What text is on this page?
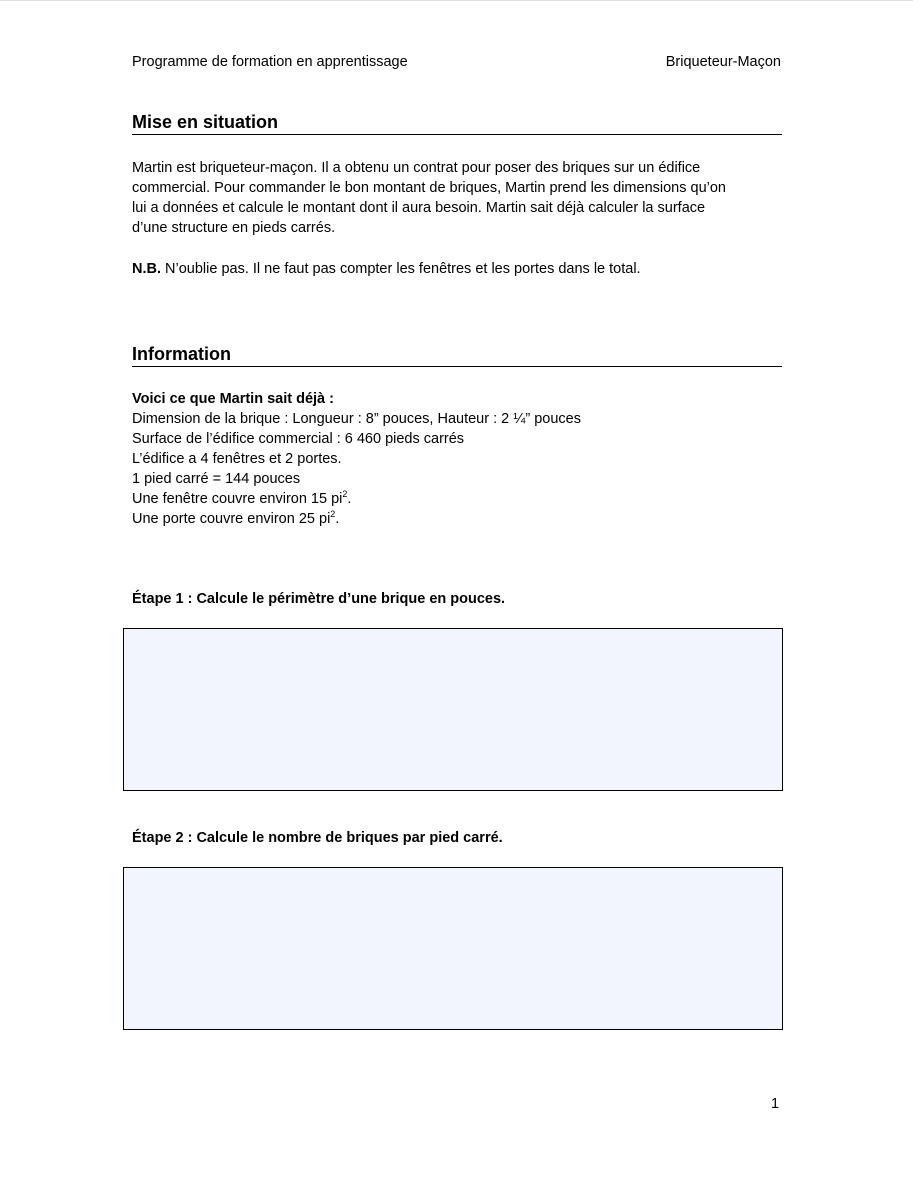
Programme de formation en apprentissage	Briqueteur-Maçon
Mise en situation

Martin est briqueteur-maçon. Il a obtenu un contrat pour poser des briques sur un édifice

commercial. Pour commander le bon montant de briques, Martin prend les dimensions qu’on

lui a données et calcule le montant dont il aura besoin. Martin sait déjà calculer la surface

d’une structure en pieds carrés.

N.B. N’oublie pas. Il ne faut pas compter les fenêtres et les portes dans le total.

Information

Voici ce que Martin sait déjà :

Dimension de la brique : Longueur : 8” pouces, Hauteur : 2 ¼” pouces

Surface de l’édifice commercial : 6 460 pieds carrés

L’édifice a 4 fenêtres et 2 portes.

1 pied carré = 144 pouces

Une fenêtre couvre environ 15 $pi^2$.

Une porte couvre environ 25 $pi^2$.

Étape 1 : Calcule le périmètre d’une brique en pouces.
Étape 2 : Calcule le nombre de briques par pied carré.
1
